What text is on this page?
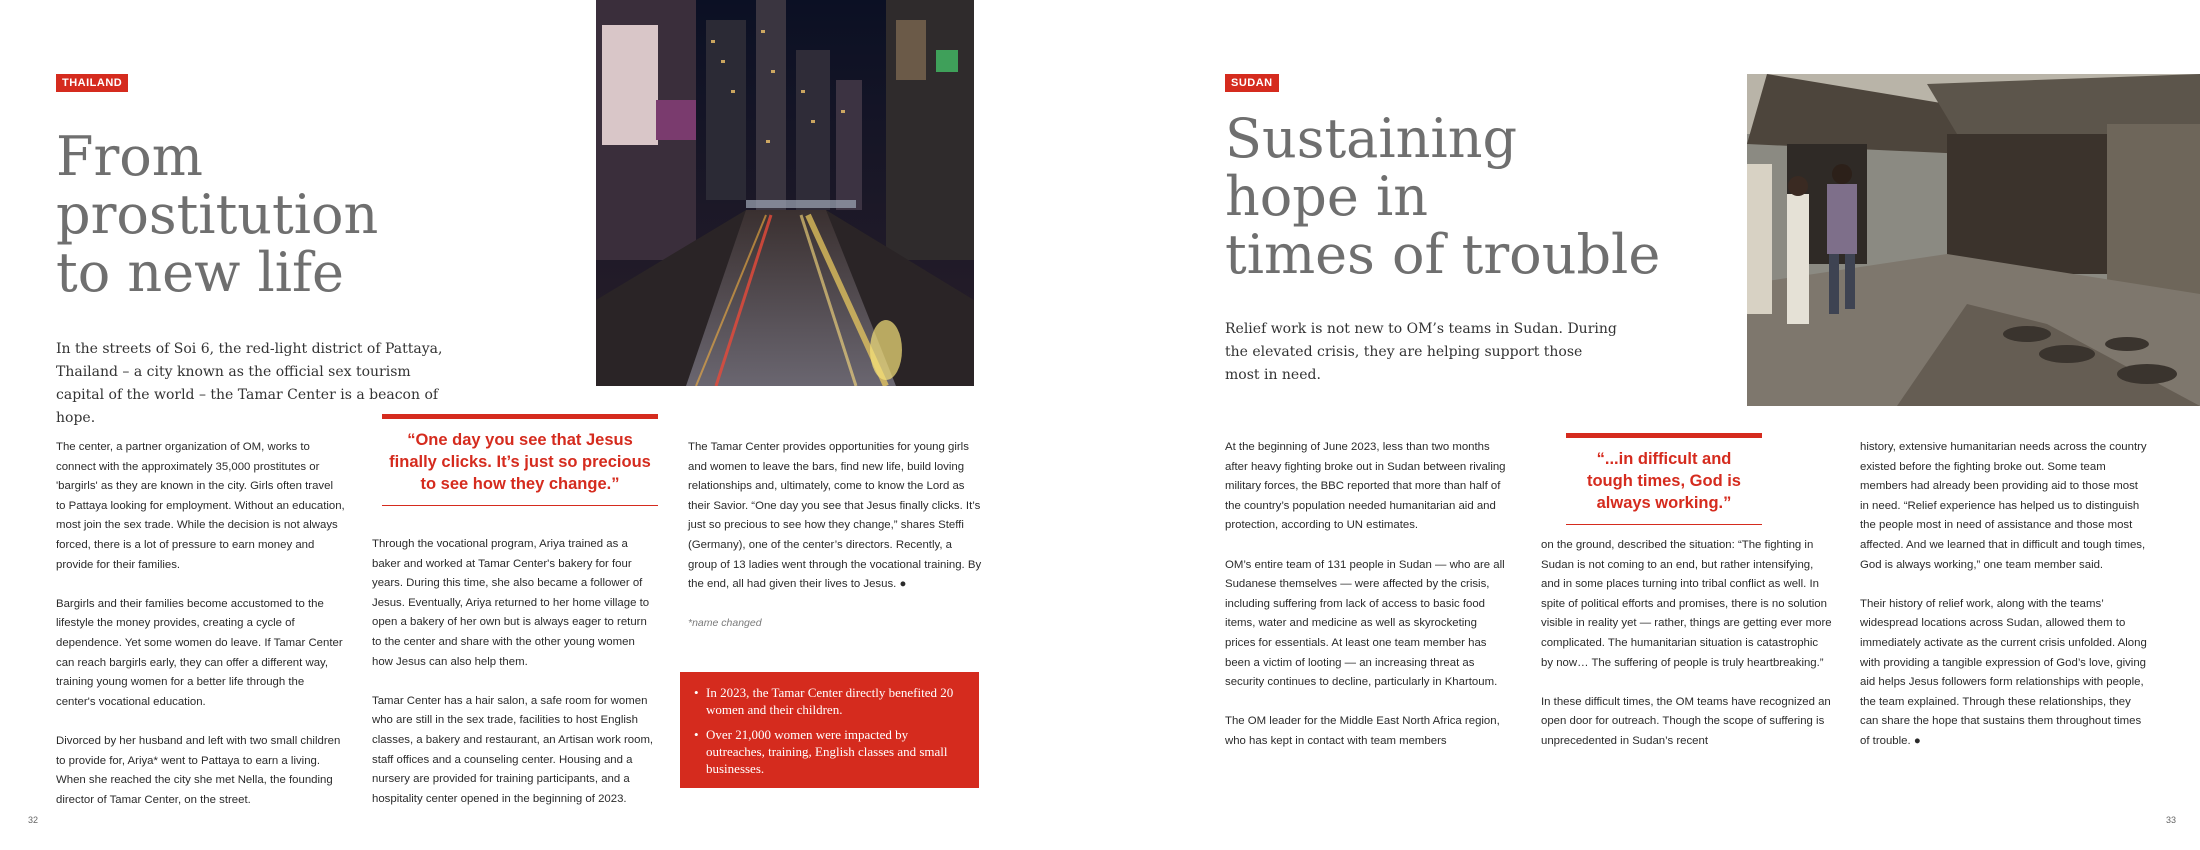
THAILAND
From
prostitution
to new life

In the streets of Soi 6, the red-light district of Pattaya, Thailand – a city known as the official sex tourism capital of the world – the Tamar Center is a beacon of hope.

The center, a partner organization of OM, works to connect with the approximately 35,000 prostitutes or 'bargirls' as they are known in the city. Girls often travel to Pattaya looking for employment. Without an education, most join the sex trade. While the decision is not always forced, there is a lot of pressure to earn money and provide for their families.

Bargirls and their families become accustomed to the lifestyle the money provides, creating a cycle of dependence. Yet some women do leave. If Tamar Center can reach bargirls early, they can offer a different way, training young women for a better life through the center's vocational education.

Divorced by her husband and left with two small children to provide for, Ariya* went to Pattaya to earn a living. When she reached the city she met Nella, the founding director of Tamar Center, on the street.

“One day you see that Jesus finally clicks. It’s just so precious to see how they change.”

Through the vocational program, Ariya trained as a baker and worked at Tamar Center's bakery for four years. During this time, she also became a follower of Jesus. Eventually, Ariya returned to her home village to open a bakery of her own but is always eager to return to the center and share with the other young women how Jesus can also help them.

Tamar Center has a hair salon, a safe room for women who are still in the sex trade, facilities to host English classes, a bakery and restaurant, an Artisan work room, staff offices and a counseling center. Housing and a nursery are provided for training participants, and a hospitality center opened in the beginning of 2023.

The Tamar Center provides opportunities for young girls and women to leave the bars, find new life, build loving relationships and, ultimately, come to know the Lord as their Savior. “One day you see that Jesus finally clicks. It’s just so precious to see how they change,” shares Steffi (Germany), one of the center’s directors. Recently, a group of 13 ladies went through the vocational training. By the end, all had given their lives to Jesus. ●

*name changed
• In 2023, the Tamar Center directly benefited 20 women and their children.
• Over 21,000 women were impacted by outreaches, training, English classes and small businesses.
32
SUDAN
Sustaining
hope in
times of trouble

Relief work is not new to OM’s teams in Sudan. During the elevated crisis, they are helping support those most in need.

At the beginning of June 2023, less than two months after heavy fighting broke out in Sudan between rivaling military forces, the BBC reported that more than half of the country’s population needed humanitarian aid and protection, according to UN estimates.

OM’s entire team of 131 people in Sudan — who are all Sudanese themselves — were affected by the crisis, including suffering from lack of access to basic food items, water and medicine as well as skyrocketing prices for essentials. At least one team member has been a victim of looting — an increasing threat as security continues to decline, particularly in Khartoum.

The OM leader for the Middle East North Africa region, who has kept in contact with team members

“...in difficult and tough times, God is always working.”

on the ground, described the situation: “The fighting in Sudan is not coming to an end, but rather intensifying, and in some places turning into tribal conflict as well. In spite of political efforts and promises, there is no solution visible in reality yet — rather, things are getting ever more complicated. The humanitarian situation is catastrophic by now… The suffering of people is truly heartbreaking.”

In these difficult times, the OM teams have recognized an open door for outreach. Though the scope of suffering is unprecedented in Sudan’s recent

history, extensive humanitarian needs across the country existed before the fighting broke out. Some team members had already been providing aid to those most in need. “Relief experience has helped us to distinguish the people most in need of assistance and those most affected. And we learned that in difficult and tough times, God is always working,” one team member said.

Their history of relief work, along with the teams’ widespread locations across Sudan, allowed them to immediately activate as the current crisis unfolded. Along with providing a tangible expression of God’s love, giving aid helps Jesus followers form relationships with people, the team explained. Through these relationships, they can share the hope that sustains them throughout times of trouble. ●

33
